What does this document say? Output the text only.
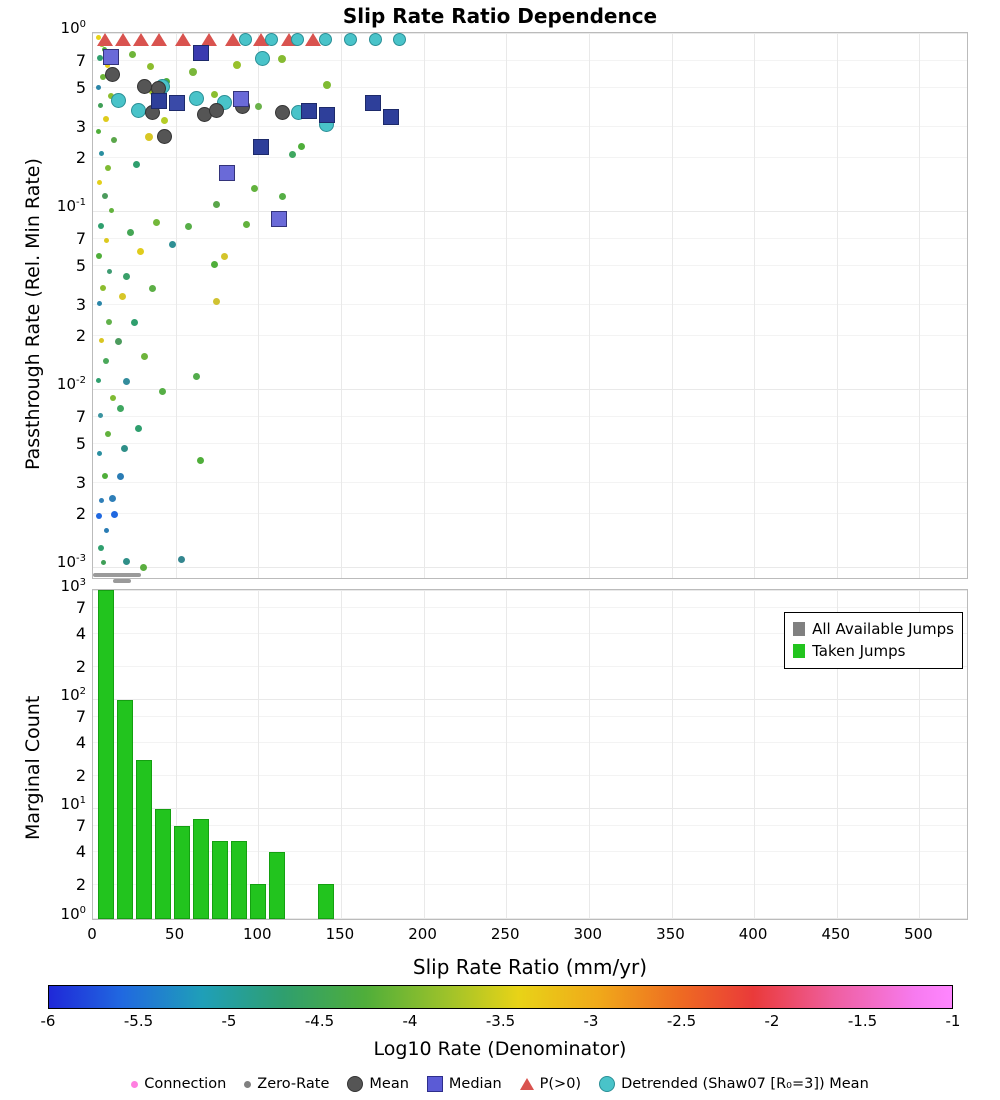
Slip Rate Ratio Dependence
$10^0$
7
5
3
2
$10^{-1}$
7
5
3
2
$10^{-2}$
7
5
3
2
$10^{-3}$
Passthrough Rate (Rel. Min Rate)
All Available Jumps
Taken Jumps
$10^3$
7
4
2
$10^2$
7
4
2
$10^1$
7
4
2
$10^0$
Marginal Count
0	50	100	150	200	250	300	350	400	450	500
Slip Rate Ratio (mm/yr)
-6	-5.5	-5	-4.5	-4	-3.5	-3	-2.5	-2	-1.5	-1
Log10 Rate (Denominator)
Connection Zero-Rate	Mean	Median	P(>0)	Detrended (Shaw07 [R₀=3]) Mean
